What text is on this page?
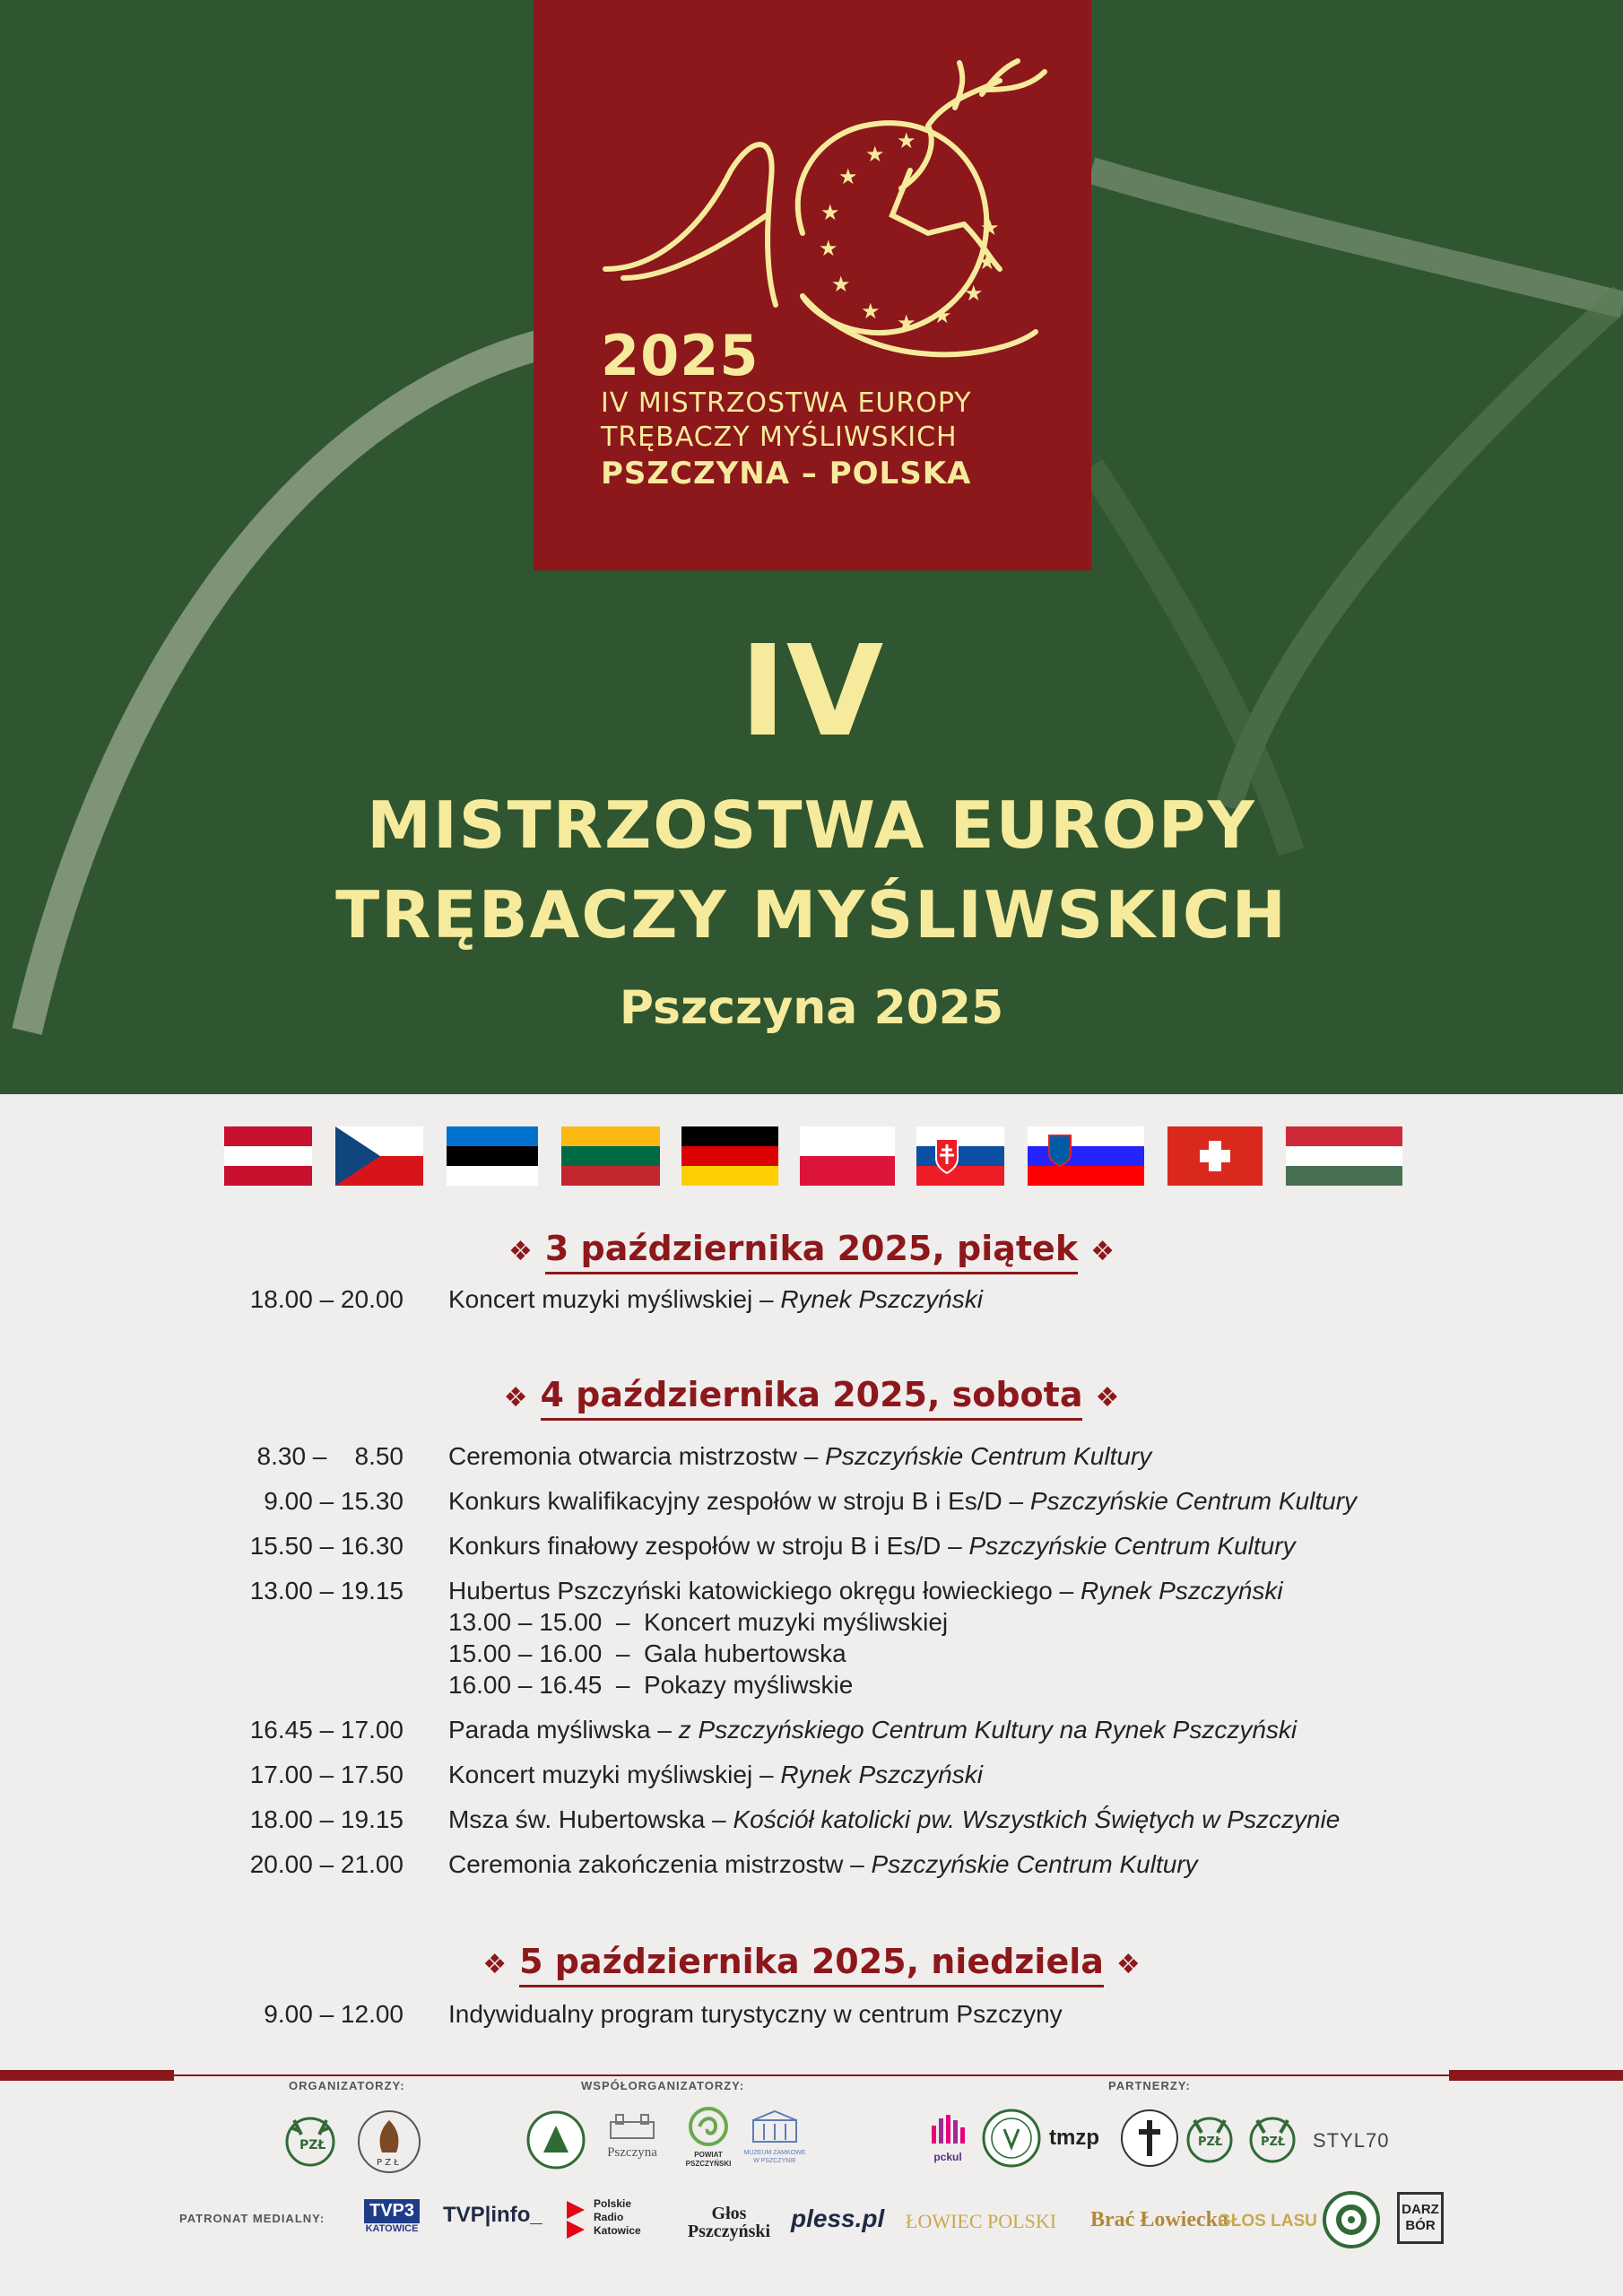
★
★
★
★
★
★
★ ★ ★
★
★
★
2025
IV MISTRZOSTWA EUROPY
TRĘBACZY MYŚLIWSKICH
PSZCZYNA – POLSKA
IV
MISTRZOSTWA EUROPY
TRĘBACZY MYŚLIWSKICH
Pszczyna 2025
❖ 3 października 2025, piątek ❖
18.00 – 20.00 Koncert muzyki myśliwskiej – Rynek Pszczyński
❖ 4 października 2025, sobota ❖
8.30 –    8.50 Ceremonia otwarcia mistrzostw – Pszczyńskie Centrum Kultury
9.00 – 15.30 Konkurs kwalifikacyjny zespołów w stroju B i Es/D – Pszczyńskie Centrum Kultury
15.50 – 16.30 Konkurs finałowy zespołów w stroju B i Es/D – Pszczyńskie Centrum Kultury
13.00 – 19.15 Hubertus Pszczyński katowickiego okręgu łowieckiego – Rynek Pszczyński
13.00 – 15.00  –  Koncert muzyki myśliwskiej
15.00 – 16.00  –  Gala hubertowska
16.00 – 16.45  –  Pokazy myśliwskie
16.45 – 17.00 Parada myśliwska – z Pszczyńskiego Centrum Kultury na Rynek Pszczyński
17.00 – 17.50 Koncert muzyki myśliwskiej – Rynek Pszczyński
18.00 – 19.15 Msza św. Hubertowska – Kościół katolicki pw. Wszystkich Świętych w Pszczynie
20.00 – 21.00 Ceremonia zakończenia mistrzostw – Pszczyńskie Centrum Kultury
❖ 5 października 2025, niedziela ❖
9.00 – 12.00 Indywidualny program turystyczny w centrum Pszczyny
ORGANIZATORZY:	WSPÓŁORGANIZATORZY:	PARTNERZY:
PZŁ
P Z Ł
Pszczyna	POWIAT PSZCZYŃSKI
MUZEUM ZAMKOWE W PSZCZYNIE	pckul
tmzp	PZŁ	PZŁ STYL70
PATRONAT MEDIALNY:	TVP3
KATOWICE
TVP|info_	Polskie
Radio
Katowice
Głos Pszczyński pless.pl ŁOWIEC POLSKI Brać Łowiecka
GŁOS LASU
DARZ BÓR
